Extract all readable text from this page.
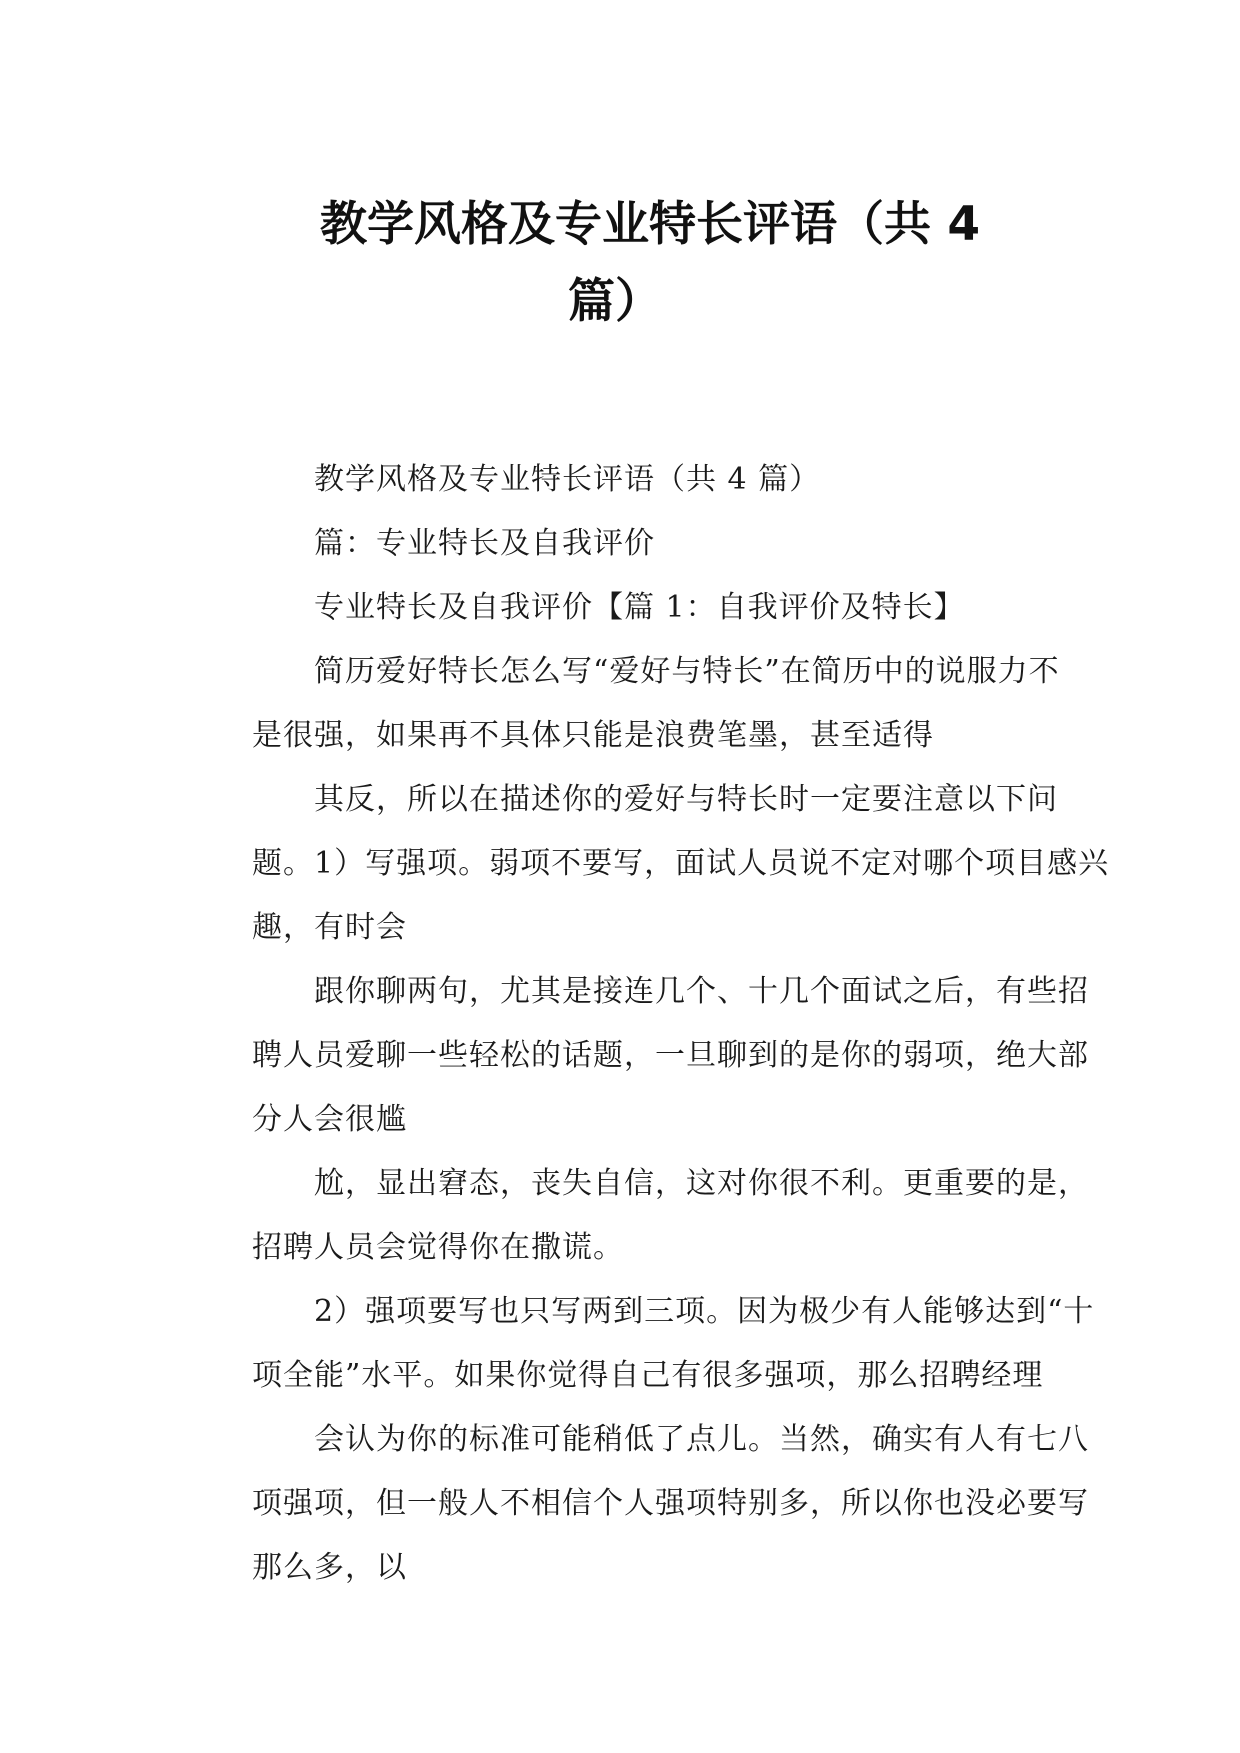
教学风格及专业特长评语（共 4
篇）

教学风格及专业特长评语（共 4 篇）

篇：专业特长及自我评价

专业特长及自我评价【篇 1：自我评价及特长】

简历爱好特长怎么写“爱好与特长”在简历中的说服力不
是很强，如果再不具体只能是浪费笔墨，甚至适得

其反，所以在描述你的爱好与特长时一定要注意以下问
题。1）写强项。弱项不要写，面试人员说不定对哪个项目感兴
趣，有时会

跟你聊两句，尤其是接连几个、十几个面试之后，有些招
聘人员爱聊一些轻松的话题，一旦聊到的是你的弱项，绝大部
分人会很尴

尬，显出窘态，丧失自信，这对你很不利。更重要的是，
招聘人员会觉得你在撒谎。

2）强项要写也只写两到三项。因为极少有人能够达到“十
项全能”水平。如果你觉得自己有很多强项，那么招聘经理

会认为你的标准可能稍低了点儿。当然，确实有人有七八
项强项，但一般人不相信个人强项特别多，所以你也没必要写
那么多，以
